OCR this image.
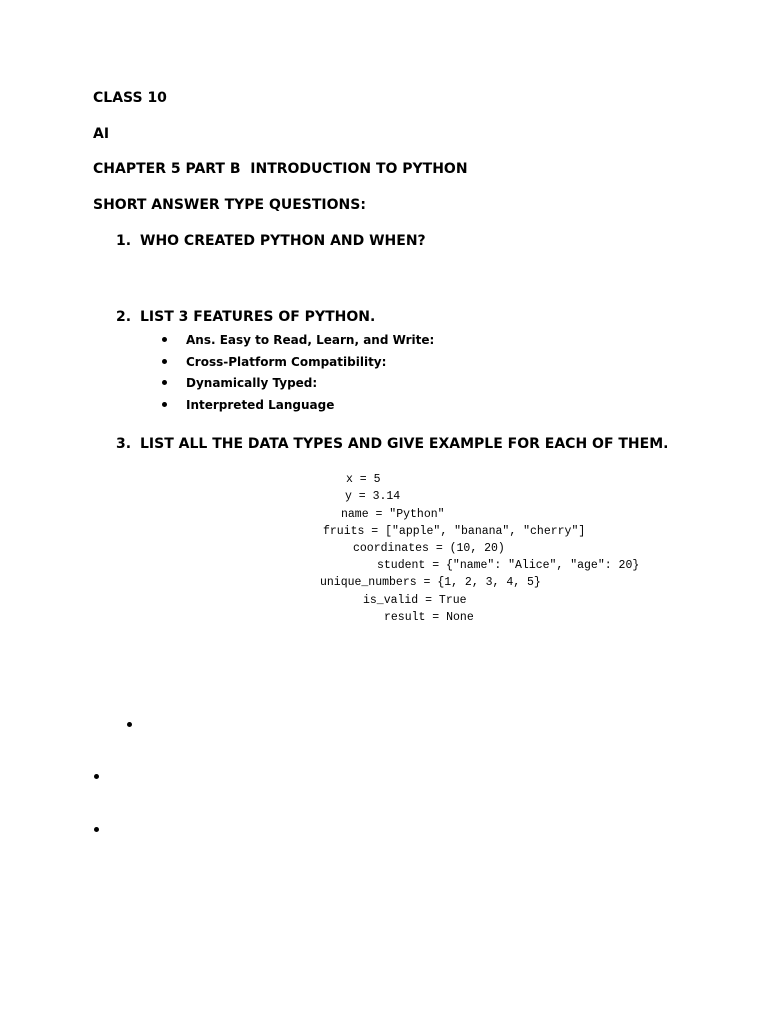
CLASS 10
AI
CHAPTER 5 PART B  INTRODUCTION TO PYTHON
SHORT ANSWER TYPE QUESTIONS:
1. WHO CREATED PYTHON AND WHEN?
2. LIST 3 FEATURES OF PYTHON.
Ans. Easy to Read, Learn, and Write:
Cross-Platform Compatibility:
Dynamically Typed:
Interpreted Language
3. LIST ALL THE DATA TYPES AND GIVE EXAMPLE FOR EACH OF THEM.
x = 5
y = 3.14
name = "Python"
fruits = ["apple", "banana", "cherry"]
coordinates = (10, 20)
student = {"name": "Alice", "age": 20}
unique_numbers = {1, 2, 3, 4, 5}
is_valid = True
result = None
